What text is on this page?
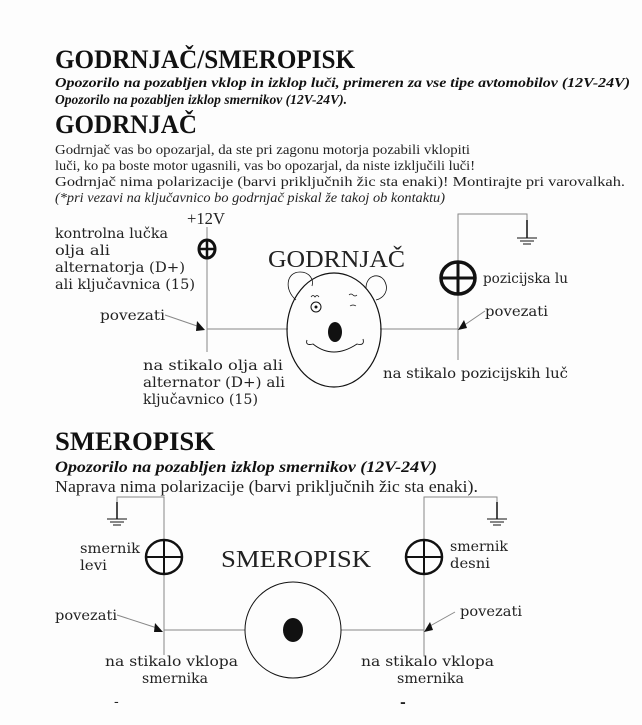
GODRNJAČ/SMEROPISK
Opozorilo na pozabljen vklop in izklop luči, primeren za vse tipe avtomobilov (12V-24V)
Opozorilo na pozabljen izklop smernikov (12V-24V).
GODRNJAČ
Godrnjač vas bo opozarjal, da ste pri zagonu motorja pozabili vklopiti
luči, ko pa boste motor ugasnili, vas bo opozarjal, da niste izključili luči!
Godrnjač nima polarizacije (barvi priključnih žic sta enaki)! Montirajte pri varovalkah.
(*pri vezavi na ključavnico bo godrnjač piskal že takoj ob kontaktu)
+12V
kontrolna lučka
olja ali
alternatorja (D+)
ali ključavnica (15)
GODRNJAČ
pozicijska lu
povezati	povezati
na stikalo olja ali
alternator (D+) ali
ključavnico (15)
na stikalo pozicijskih luč
SMEROPISK
Opozorilo na pozabljen izklop smernikov (12V-24V)
Naprava nima polarizacije (barvi priključnih žic sta enaki).
smernik
levi
smernik
desni
SMEROPISK
povezati	povezati
na stikalo vklopa
smernika
na stikalo vklopa
smernika
-	-
